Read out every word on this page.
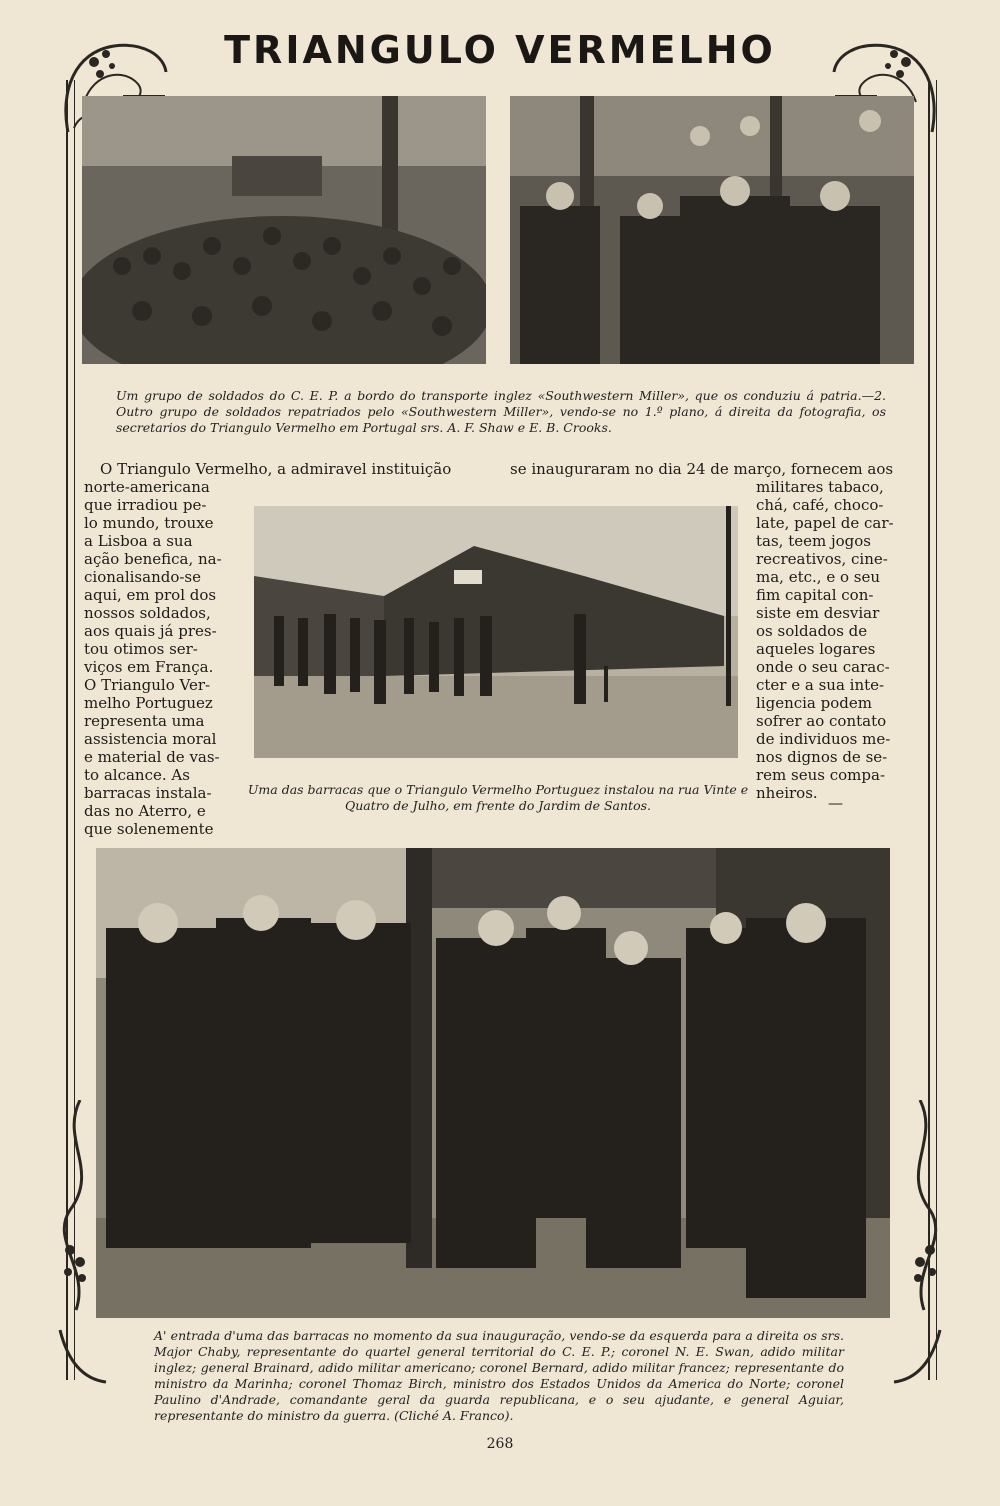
TRIANGULO VERMELHO
Um grupo de soldados do C. E. P. a bordo do transporte inglez «Southwestern Miller», que os conduziu á patria.—2. Outro grupo de soldados repatriados pelo «Southwestern Miller», vendo-se no 1.º plano, á direita da fotografia, os secretarios do Triangulo Vermelho em Portugal srs. A. F. Shaw e E. B. Crooks.
O Triangulo Vermelho, a admiravel instituição	se inauguraram no dia 24 de março, fornecem aos
norte-americana
que irradiou pe-
lo mundo, trouxe
a Lisboa a sua
ação benefica, na-
cionalisando-se
aqui, em prol dos
nossos soldados,
aos quais já pres-
tou otimos ser-
viços em França.
O Triangulo Ver-
melho Portuguez
representa uma
assistencia moral
e material de vas-
to alcance. As
barracas instala-
das no Aterro, e
que solenemente
Uma das barracas que o Triangulo Vermelho Portuguez instalou na rua Vinte e Quatro de Julho, em frente do Jardim de Santos.
militares tabaco,
chá, café, choco-
late, papel de car-
tas, teem jogos
recreativos, cine-
ma, etc., e o seu
fim capital con-
siste em desviar
os soldados de
aqueles logares
onde o seu carac-
cter e a sua inte-
ligencia podem
sofrer ao contato
de individuos me-
nos dignos de se-
rem seus compa-
nheiros.
—
A' entrada d'uma das barracas no momento da sua inauguração, vendo-se da esquerda para a direita os srs. Major Chaby, representante do quartel general territorial do C. E. P.; coronel N. E. Swan, adido militar inglez; general Brainard, adido militar americano; coronel Bernard, adido militar francez; representante do ministro da Marinha; coronel Thomaz Birch, ministro dos Estados Unidos da America do Norte; coronel Paulino d'Andrade, comandante geral da guarda republicana, e o seu ajudante, e general Aguiar, representante do ministro da guerra. (Cliché A. Franco).
268
